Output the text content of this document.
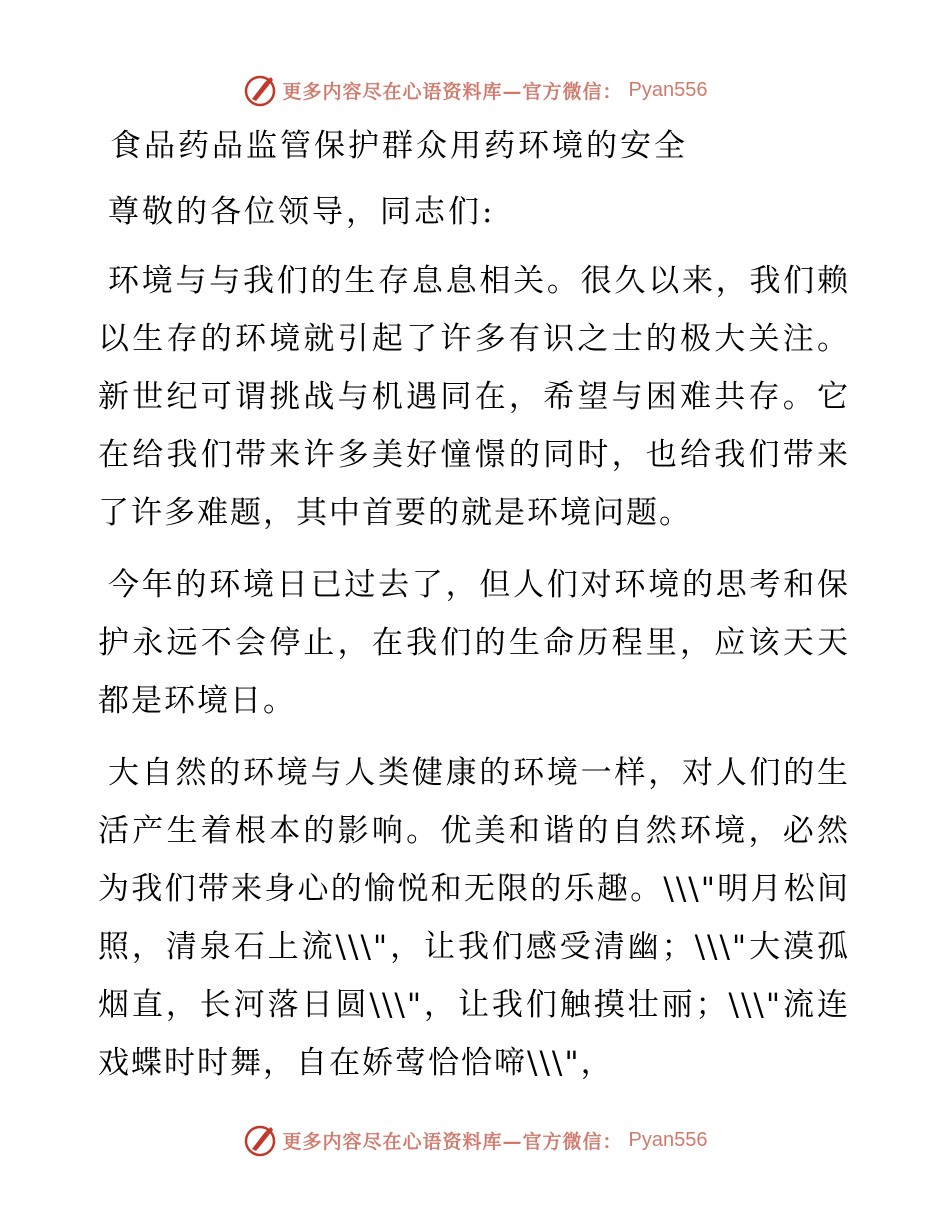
更多内容尽在心语资料库—官方微信： Pyan556
食品药品监管保护群众用药环境的安全

尊敬的各位领导，同志们:

环境与与我们的生存息息相关。很久以来，我们赖以生存的环境就引起了许多有识之士的极大关注。新世纪可谓挑战与机遇同在，希望与困难共存。它在给我们带来许多美好憧憬的同时，也给我们带来了许多难题，其中首要的就是环境问题。

今年的环境日已过去了，但人们对环境的思考和保护永远不会停止，在我们的生命历程里，应该天天都是环境日。

大自然的环境与人类健康的环境一样，对人们的生活产生着根本的影响。优美和谐的自然环境，必然为我们带来身心的愉悦和无限的乐趣。\\\"明月松间照，清泉石上流\\\"，让我们感受清幽；\\\"大漠孤烟直，长河落日圆\\\"，让我们触摸壮丽；\\\"流连戏蝶时时舞，自在娇莺恰恰啼\\\"，

更多内容尽在心语资料库—官方微信： Pyan556
